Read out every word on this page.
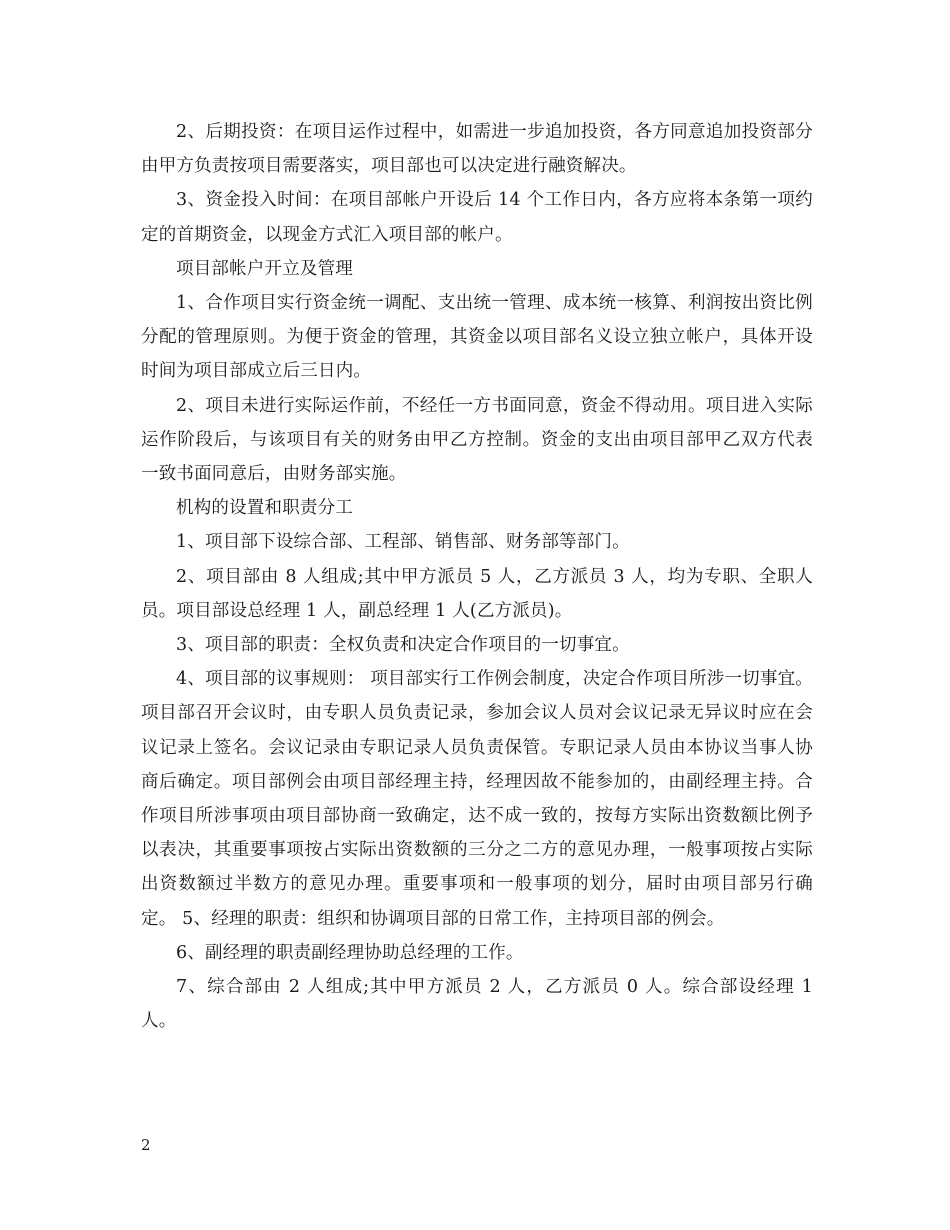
2、后期投资：在项目运作过程中，如需进一步追加投资，各方同意追加投资部分由甲方负责按项目需要落实，项目部也可以决定进行融资解决。

3、资金投入时间：在项目部帐户开设后 14 个工作日内，各方应将本条第一项约定的首期资金，以现金方式汇入项目部的帐户。

项目部帐户开立及管理

1、合作项目实行资金统一调配、支出统一管理、成本统一核算、利润按出资比例分配的管理原则。为便于资金的管理，其资金以项目部名义设立独立帐户，具体开设时间为项目部成立后三日内。

2、项目未进行实际运作前，不经任一方书面同意，资金不得动用。项目进入实际运作阶段后，与该项目有关的财务由甲乙方控制。资金的支出由项目部甲乙双方代表一致书面同意后，由财务部实施。

机构的设置和职责分工

1、项目部下设综合部、工程部、销售部、财务部等部门。

2、项目部由 8 人组成;其中甲方派员 5 人，乙方派员 3 人，均为专职、全职人员。项目部设总经理 1 人，副总经理 1 人(乙方派员)。

3、项目部的职责：全权负责和决定合作项目的一切事宜。

4、项目部的议事规则： 项目部实行工作例会制度，决定合作项目所涉一切事宜。项目部召开会议时，由专职人员负责记录，参加会议人员对会议记录无异议时应在会议记录上签名。会议记录由专职记录人员负责保管。专职记录人员由本协议当事人协商后确定。项目部例会由项目部经理主持，经理因故不能参加的，由副经理主持。合作项目所涉事项由项目部协商一致确定，达不成一致的，按每方实际出资数额比例予以表决，其重要事项按占实际出资数额的三分之二方的意见办理，一般事项按占实际出资数额过半数方的意见办理。重要事项和一般事项的划分，届时由项目部另行确定。 5、经理的职责：组织和协调项目部的日常工作，主持项目部的例会。

6、副经理的职责副经理协助总经理的工作。

7、综合部由 2 人组成;其中甲方派员 2 人，乙方派员 0 人。综合部设经理 1 人。

2
